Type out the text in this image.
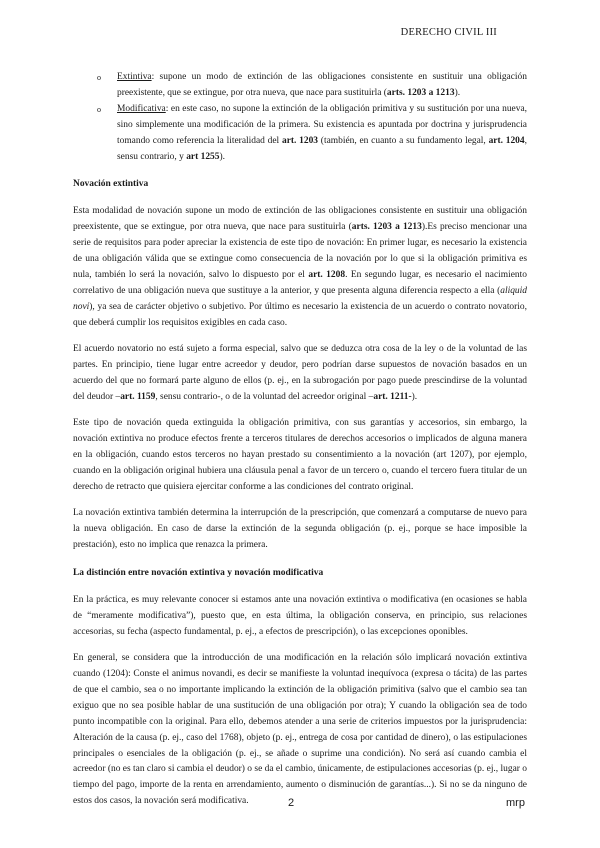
DERECHO CIVIL III
o Extintiva: supone un modo de extinción de las obligaciones consistente en sustituir una obligación preexistente, que se extingue, por otra nueva, que nace para sustituirla (arts. 1203 a 1213).
o Modificativa: en este caso, no supone la extinción de la obligación primitiva y su sustitución por una nueva, sino simplemente una modificación de la primera. Su existencia es apuntada por doctrina y jurisprudencia tomando como referencia la literalidad del art. 1203 (también, en cuanto a su fundamento legal, art. 1204, sensu contrario, y art 1255).
Novación extintiva

Esta modalidad de novación supone un modo de extinción de las obligaciones consistente en sustituir una obligación preexistente, que se extingue, por otra nueva, que nace para sustituirla (arts. 1203 a 1213).Es preciso mencionar una serie de requisitos para poder apreciar la existencia de este tipo de novación: En primer lugar, es necesario la existencia de una obligación válida que se extingue como consecuencia de la novación por lo que si la obligación primitiva es nula, también lo será la novación, salvo lo dispuesto por el art. 1208. En segundo lugar, es necesario el nacimiento correlativo de una obligación nueva que sustituye a la anterior, y que presenta alguna diferencia respecto a ella (aliquid novi), ya sea de carácter objetivo o subjetivo. Por último es necesario la existencia de un acuerdo o contrato novatorio, que deberá cumplir los requisitos exigibles en cada caso.

El acuerdo novatorio no está sujeto a forma especial, salvo que se deduzca otra cosa de la ley o de la voluntad de las partes. En principio, tiene lugar entre acreedor y deudor, pero podrían darse supuestos de novación basados en un acuerdo del que no formará parte alguno de ellos (p. ej., en la subrogación por pago puede prescindirse de la voluntad del deudor –art. 1159, sensu contrario-, o de la voluntad del acreedor original –art. 1211-).

Este tipo de novación queda extinguida la obligación primitiva, con sus garantías y accesorios, sin embargo, la novación extintiva no produce efectos frente a terceros titulares de derechos accesorios o implicados de alguna manera en la obligación, cuando estos terceros no hayan prestado su consentimiento a la novación (art 1207), por ejemplo, cuando en la obligación original hubiera una cláusula penal a favor de un tercero o, cuando el tercero fuera titular de un derecho de retracto que quisiera ejercitar conforme a las condiciones del contrato original.

La novación extintiva también determina la interrupción de la prescripción, que comenzará a computarse de nuevo para la nueva obligación. En caso de darse la extinción de la segunda obligación (p. ej., porque se hace imposible la prestación), esto no implica que renazca la primera.

La distinción entre novación extintiva y novación modificativa

En la práctica, es muy relevante conocer si estamos ante una novación extintiva o modificativa (en ocasiones se habla de “meramente modificativa”), puesto que, en esta última, la obligación conserva, en principio, sus relaciones accesorias, su fecha (aspecto fundamental, p. ej., a efectos de prescripción), o las excepciones oponibles.

En general, se considera que la introducción de una modificación en la relación sólo implicará novación extintiva cuando (1204): Conste el animus novandi, es decir se manifieste la voluntad inequívoca (expresa o tácita) de las partes de que el cambio, sea o no importante implicando la extinción de la obligación primitiva (salvo que el cambio sea tan exiguo que no sea posible hablar de una sustitución de una obligación por otra); Y cuando la obligación sea de todo punto incompatible con la original. Para ello, debemos atender a una serie de criterios impuestos por la jurisprudencia: Alteración de la causa (p. ej., caso del 1768), objeto (p. ej., entrega de cosa por cantidad de dinero), o las estipulaciones principales o esenciales de la obligación (p. ej., se añade o suprime una condición). No será así cuando cambia el acreedor (no es tan claro si cambia el deudor) o se da el cambio, únicamente, de estipulaciones accesorias (p. ej., lugar o tiempo del pago, importe de la renta en arrendamiento, aumento o disminución de garantías...). Si no se da ninguno de estos dos casos, la novación será modificativa.	2	mrp
